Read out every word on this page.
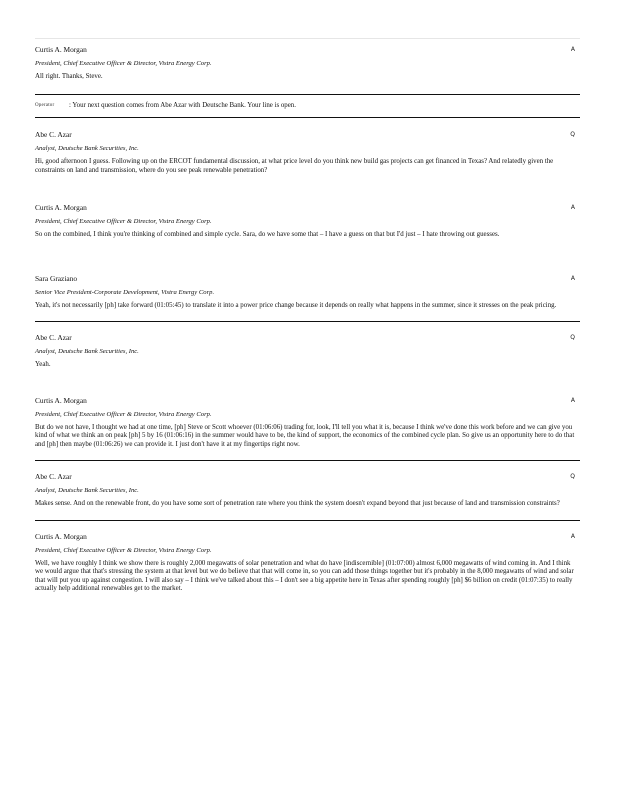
Curtis A. Morgan
President, Chief Executive Officer & Director, Vistra Energy Corp.
All right. Thanks, Steve.
A
Operator	: Your next question comes from Abe Azar with Deutsche Bank. Your line is open.
Abe C. Azar
Analyst, Deutsche Bank Securities, Inc.
Hi, good afternoon I guess. Following up on the ERCOT fundamental discussion, at what price level do you think new build gas projects can get financed in Texas? And relatedly given the constraints on land and transmission, where do you see peak renewable penetration?
Q
Curtis A. Morgan
President, Chief Executive Officer & Director, Vistra Energy Corp.
So on the combined, I think you're thinking of combined and simple cycle. Sara, do we have some that – I have a guess on that but I'd just – I hate throwing out guesses.
A
Sara Graziano
Senior Vice President-Corporate Development, Vistra Energy Corp.
Yeah, it's not necessarily [ph] take forward (01:05:45) to translate it into a power price change because it depends on really what happens in the summer, since it stresses on the peak pricing.
A
Abe C. Azar
Analyst, Deutsche Bank Securities, Inc.
Yeah.
Q
Curtis A. Morgan
President, Chief Executive Officer & Director, Vistra Energy Corp.
But do we not have, I thought we had at one time, [ph] Steve or Scott whoever (01:06:06) trading for, look, I'll tell you what it is, because I think we've done this work before and we can give you kind of what we think an on peak [ph] 5 by 16 (01:06:16) in the summer would have to be, the kind of support, the economics of the combined cycle plan. So give us an opportunity here to do that and [ph] then maybe (01:06:26) we can provide it. I just don't have it at my fingertips right now.
A
Abe C. Azar
Analyst, Deutsche Bank Securities, Inc.
Makes sense. And on the renewable front, do you have some sort of penetration rate where you think the system doesn't expand beyond that just because of land and transmission constraints?
Q
Curtis A. Morgan
President, Chief Executive Officer & Director, Vistra Energy Corp.
Well, we have roughly I think we show there is roughly 2,000 megawatts of solar penetration and what do have [indiscernible] (01:07:00) almost 6,000 megawatts of wind coming in. And I think we would argue that that's stressing the system at that level but we do believe that that will come in, so you can add those things together but it's probably in the 8,000 megawatts of wind and solar that will put you up against congestion. I will also say – I think we've talked about this – I don't see a big appetite here in Texas after spending roughly [ph] $6 billion on credit (01:07:35) to really actually help additional renewables get to the market.
A
